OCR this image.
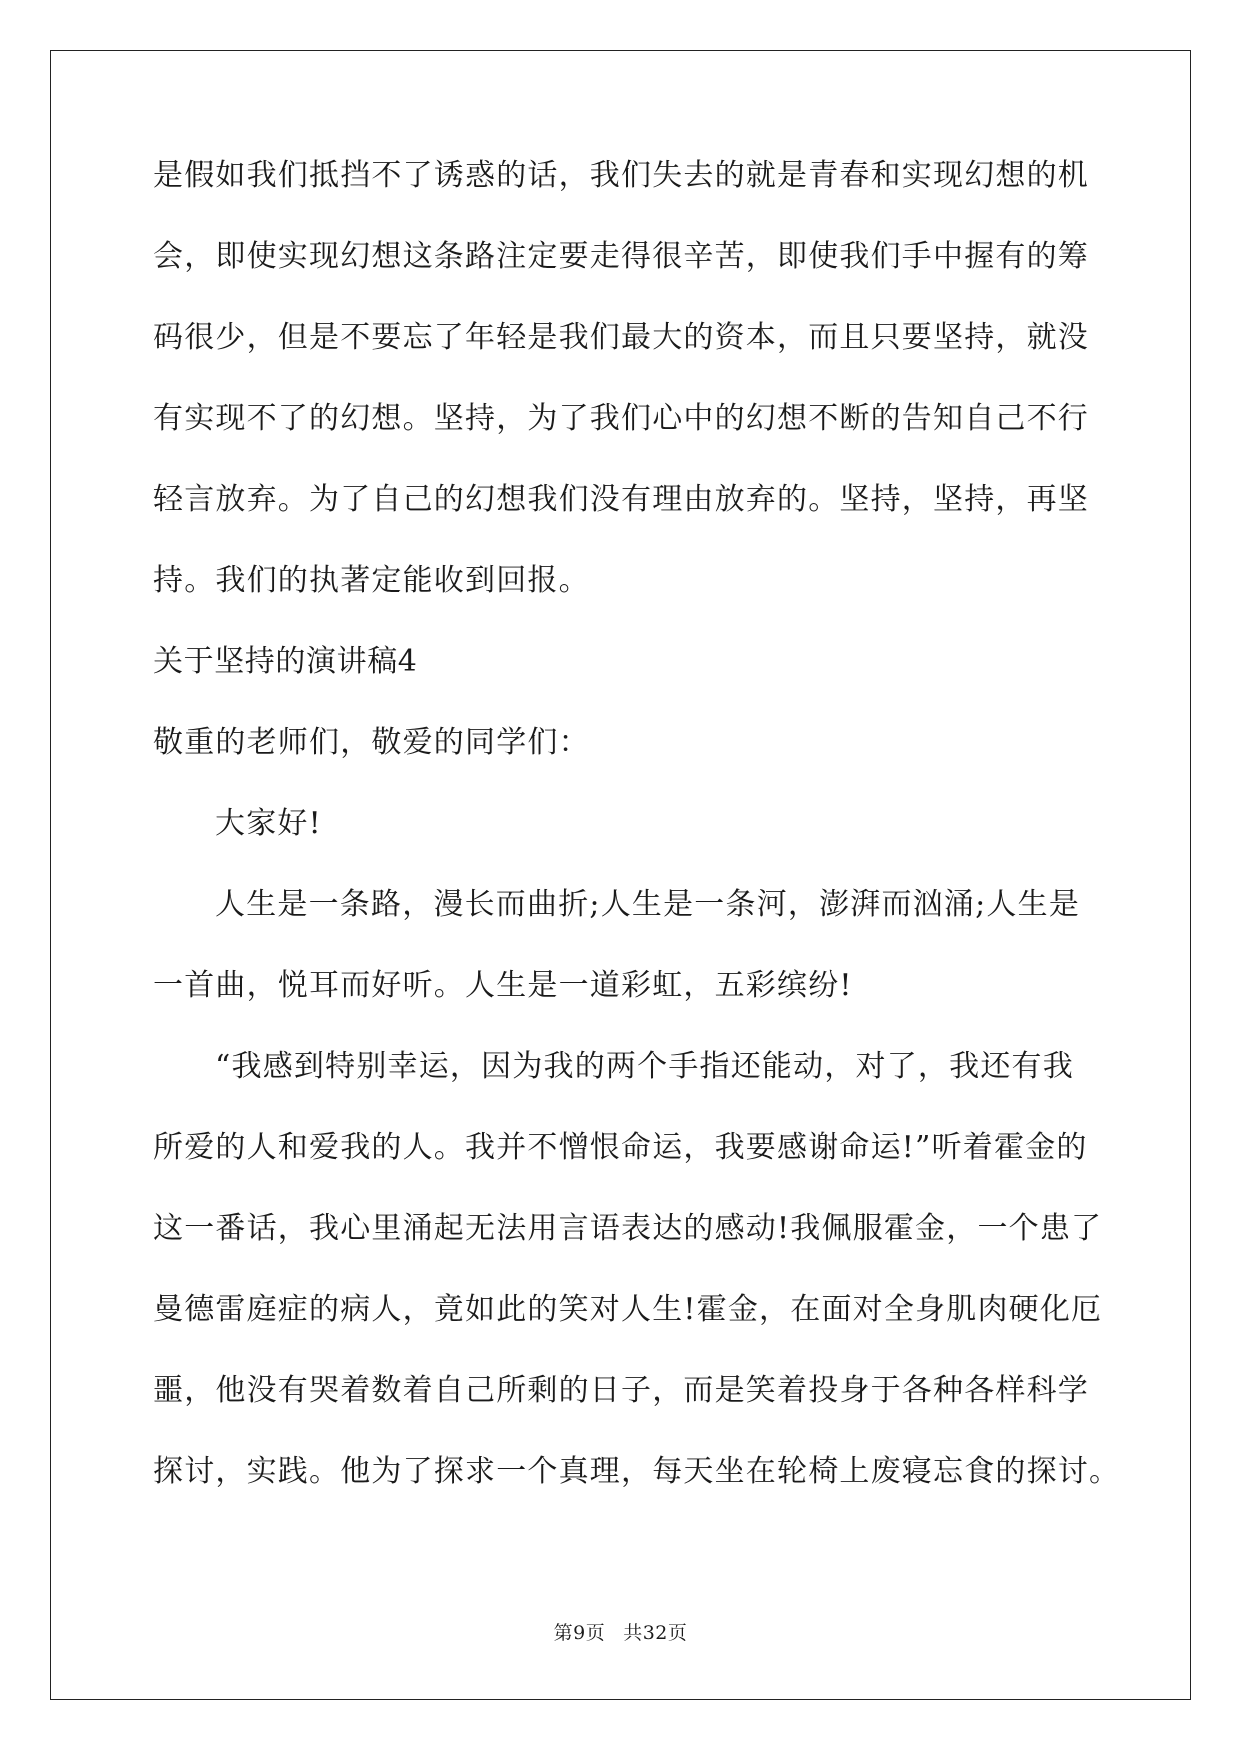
是假如我们抵挡不了诱惑的话，我们失去的就是青春和实现幻想的机
会，即使实现幻想这条路注定要走得很辛苦，即使我们手中握有的筹
码很少，但是不要忘了年轻是我们最大的资本，而且只要坚持，就没
有实现不了的幻想。坚持，为了我们心中的幻想不断的告知自己不行
轻言放弃。为了自己的幻想我们没有理由放弃的。坚持，坚持，再坚
持。我们的执著定能收到回报。
关于坚持的演讲稿4
敬重的老师们，敬爱的同学们：
大家好!
人生是一条路，漫长而曲折;人生是一条河，澎湃而汹涌;人生是
一首曲，悦耳而好听。人生是一道彩虹，五彩缤纷!
“我感到特别幸运，因为我的两个手指还能动，对了，我还有我
所爱的人和爱我的人。我并不憎恨命运，我要感谢命运!”听着霍金的
这一番话，我心里涌起无法用言语表达的感动!我佩服霍金，一个患了
曼德雷庭症的病人，竟如此的笑对人生!霍金，在面对全身肌肉硬化厄
噩，他没有哭着数着自己所剩的日子，而是笑着投身于各种各样科学
探讨，实践。他为了探求一个真理，每天坐在轮椅上废寝忘食的探讨。
第9页 共32页
